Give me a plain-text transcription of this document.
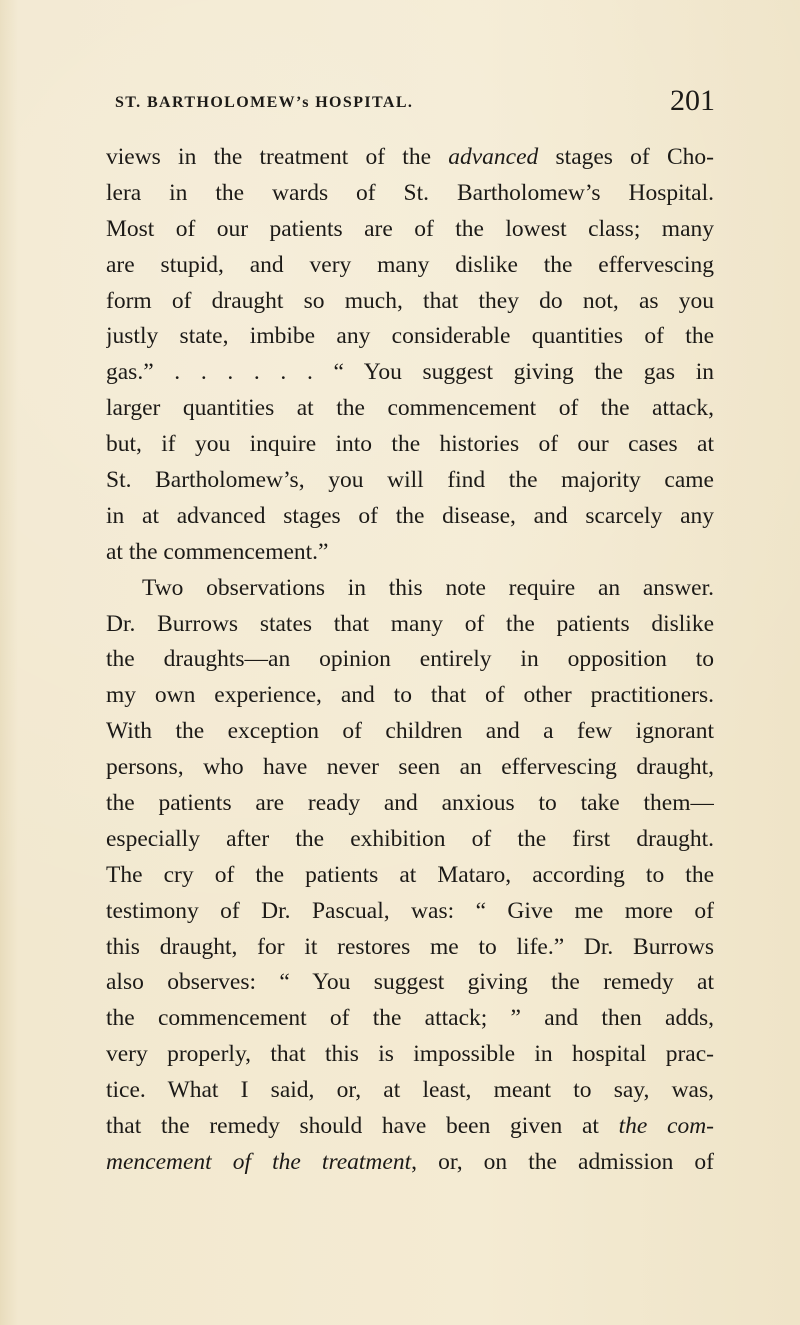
ST. BARTHOLOMEW’s HOSPITAL.	201
views in the treatment of the advanced stages of Cho-
lera in the wards of St. Bartholomew’s Hospital.
Most of our patients are of the lowest class; many
are stupid, and very many dislike the effervescing
form of draught so much, that they do not, as you
justly state, imbibe any considerable quantities of the
gas.” . . . . . . “ You suggest giving the gas in
larger quantities at the commencement of the attack,
but, if you inquire into the histories of our cases at
St. Bartholomew’s, you will find the majority came
in at advanced stages of the disease, and scarcely any
at the commencement.”
Two observations in this note require an answer.
Dr. Burrows states that many of the patients dislike
the draughts—an opinion entirely in opposition to
my own experience, and to that of other practitioners.
With the exception of children and a few ignorant
persons, who have never seen an effervescing draught,
the patients are ready and anxious to take them—
especially after the exhibition of the first draught.
The cry of the patients at Mataro, according to the
testimony of Dr. Pascual, was: “ Give me more of
this draught, for it restores me to life.” Dr. Burrows
also observes: “ You suggest giving the remedy at
the commencement of the attack; ” and then adds,
very properly, that this is impossible in hospital prac-
tice. What I said, or, at least, meant to say, was,
that the remedy should have been given at the com-
mencement of the treatment, or, on the admission of
